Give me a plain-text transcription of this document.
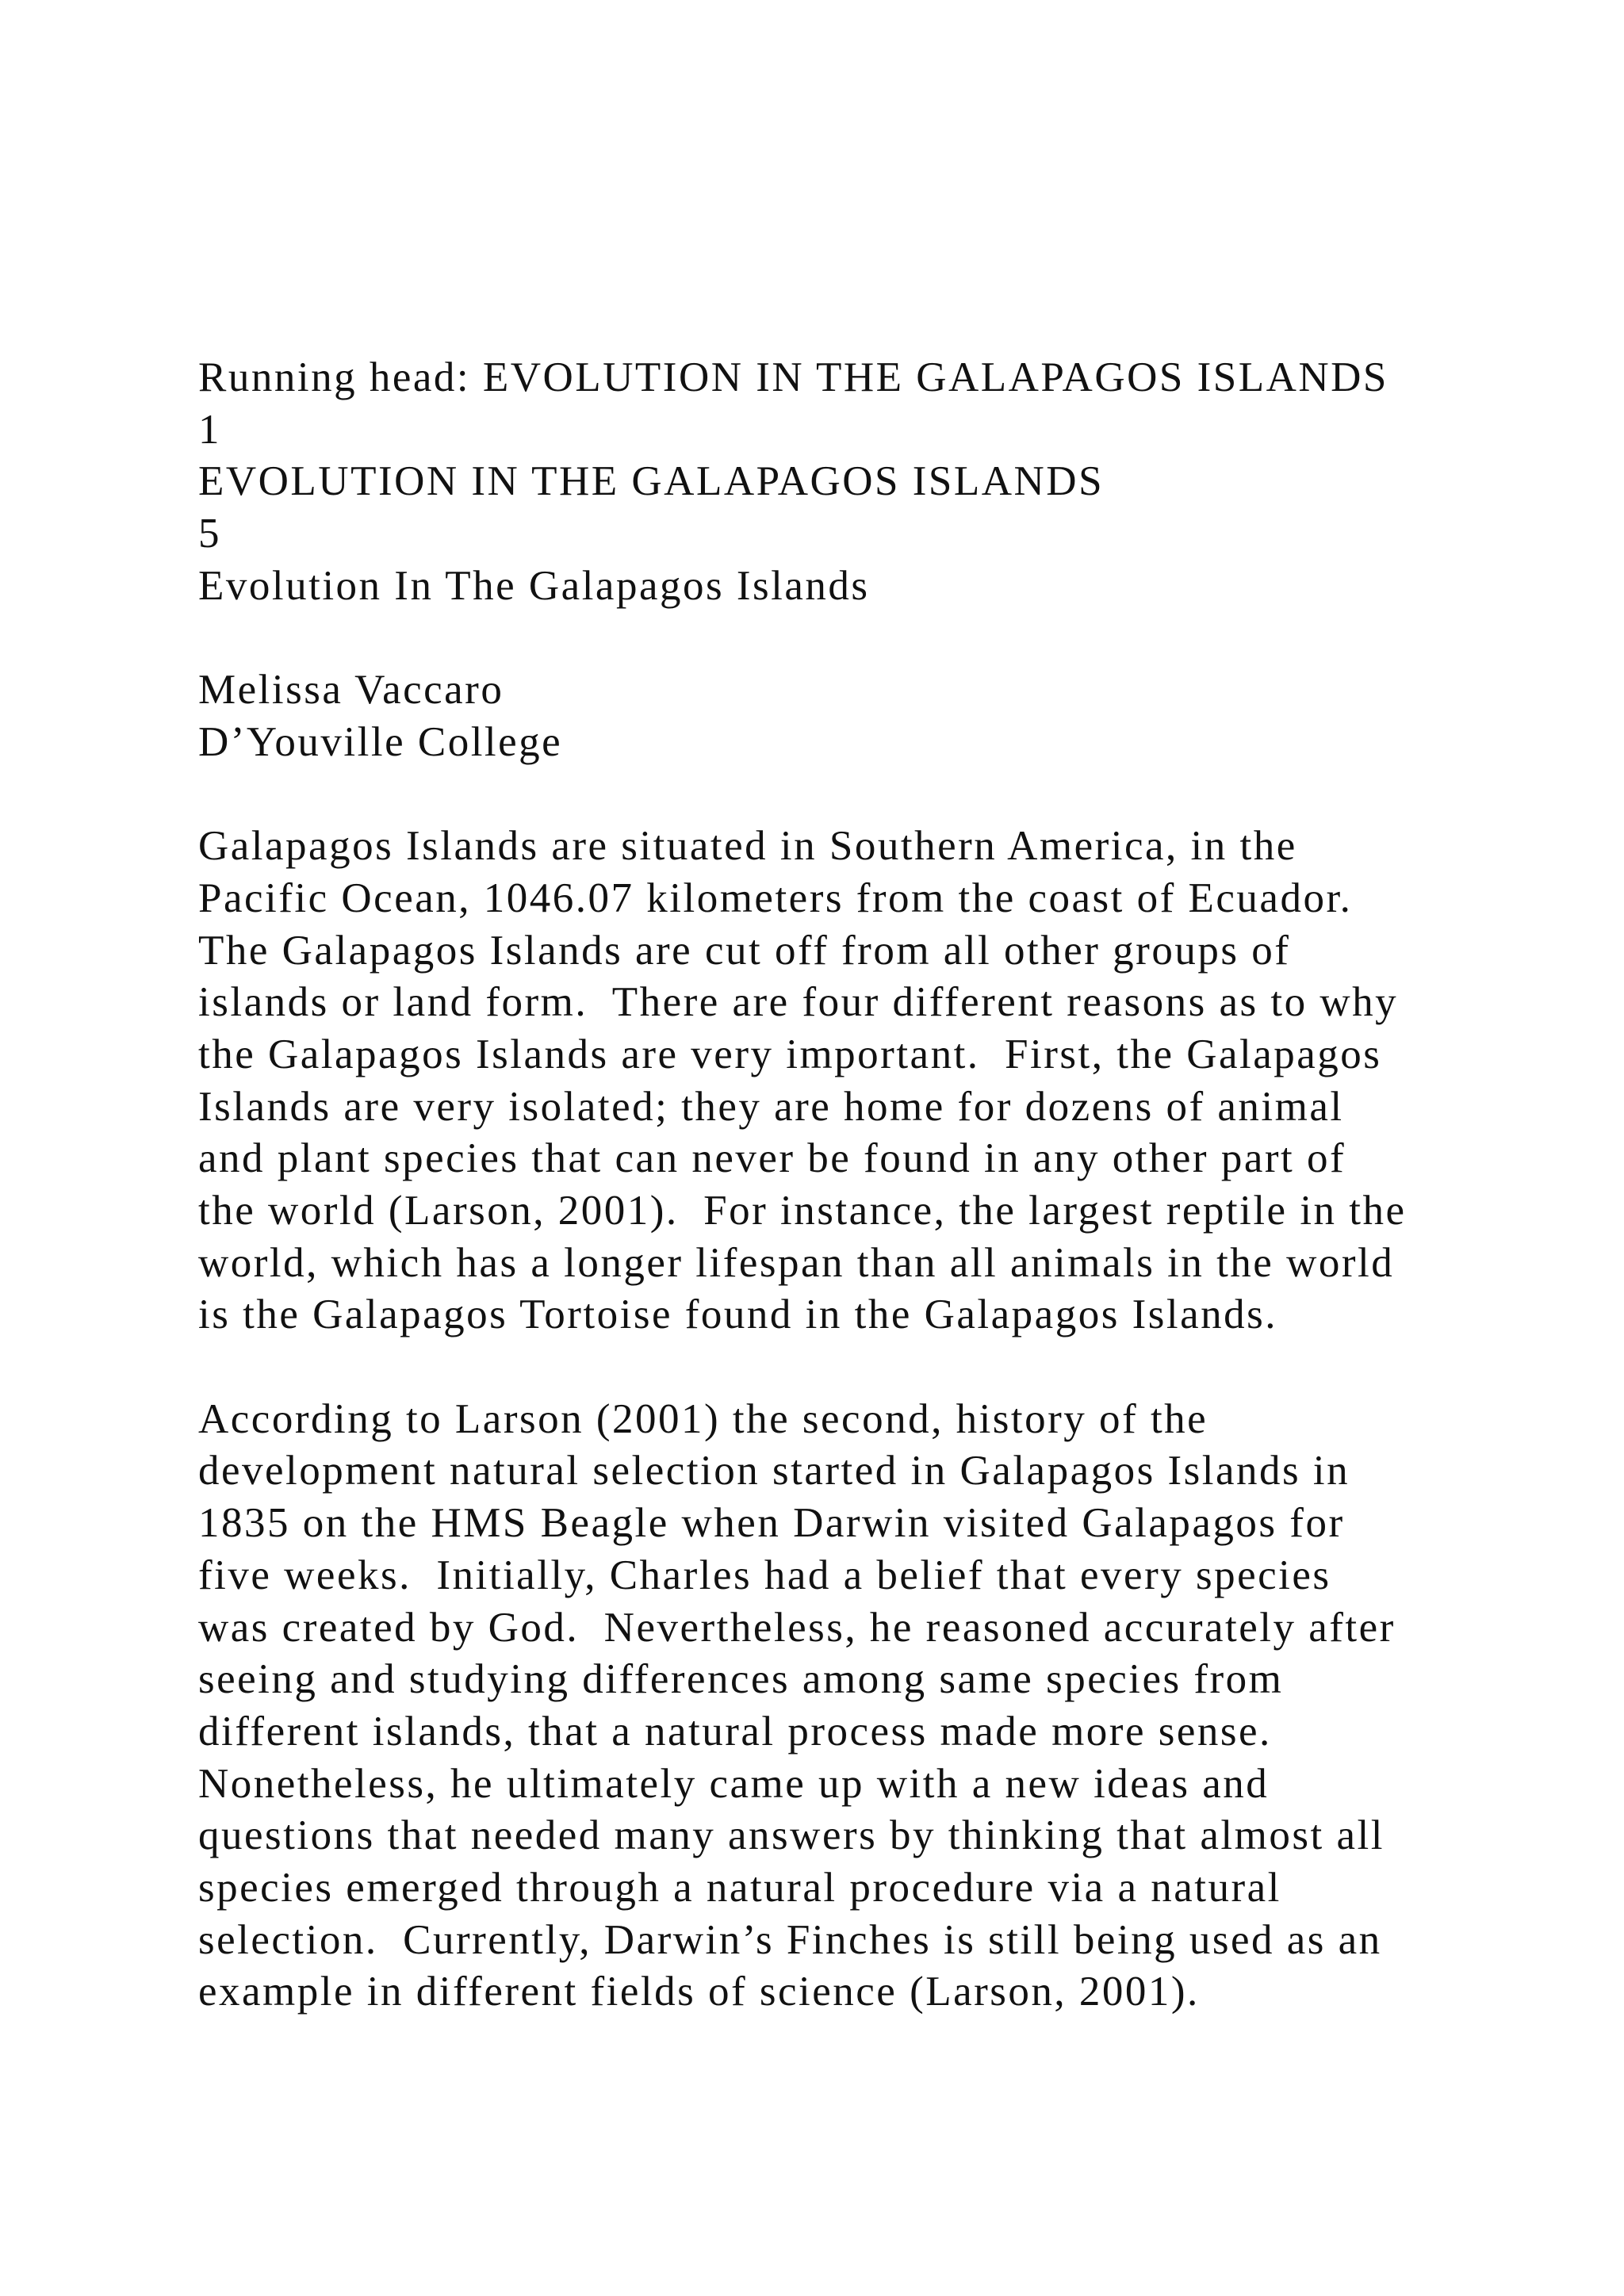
Running head: EVOLUTION IN THE GALAPAGOS ISLANDS
1
EVOLUTION IN THE GALAPAGOS ISLANDS
5
Evolution In The Galapagos Islands
Melissa Vaccaro
D’Youville College
Galapagos Islands are situated in Southern America, in the
Pacific Ocean, 1046.07 kilometers from the coast of Ecuador.
The Galapagos Islands are cut off from all other groups of
islands or land form.  There are four different reasons as to why
the Galapagos Islands are very important.  First, the Galapagos
Islands are very isolated; they are home for dozens of animal
and plant species that can never be found in any other part of
the world (Larson, 2001).  For instance, the largest reptile in the
world, which has a longer lifespan than all animals in the world
is the Galapagos Tortoise found in the Galapagos Islands.
According to Larson (2001) the second, history of the
development natural selection started in Galapagos Islands in
1835 on the HMS Beagle when Darwin visited Galapagos for
five weeks.  Initially, Charles had a belief that every species
was created by God.  Nevertheless, he reasoned accurately after
seeing and studying differences among same species from
different islands, that a natural process made more sense.
Nonetheless, he ultimately came up with a new ideas and
questions that needed many answers by thinking that almost all
species emerged through a natural procedure via a natural
selection.  Currently, Darwin’s Finches is still being used as an
example in different fields of science (Larson, 2001).
